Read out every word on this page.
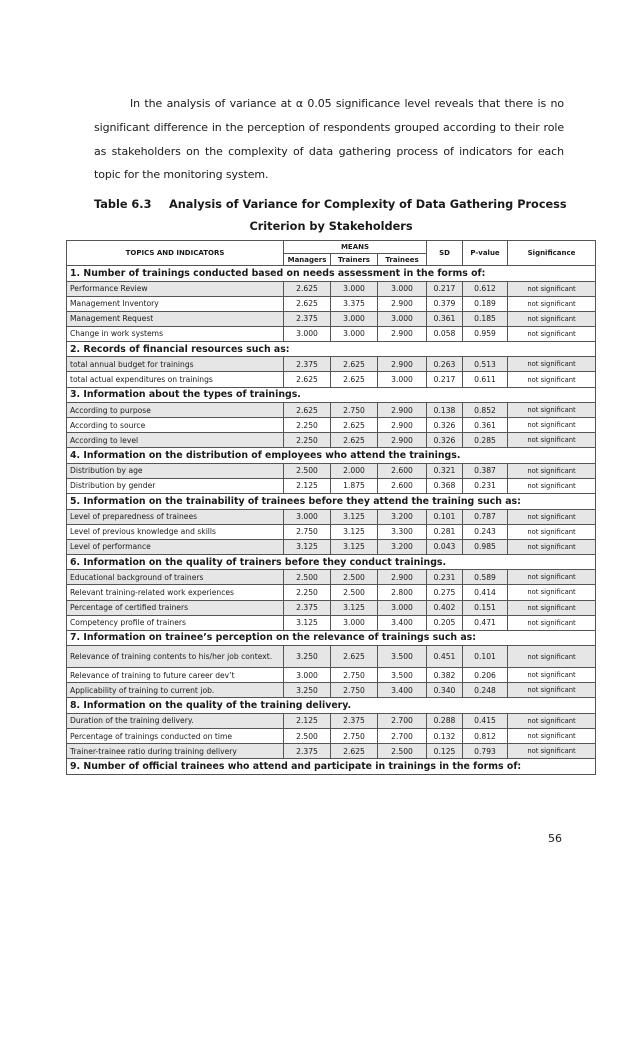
In the analysis of variance at α 0.05 significance level reveals that there is no significant difference in the perception of respondents grouped according to their role as stakeholders on the complexity of data gathering process of indicators for each topic for the monitoring system.
Table 6.3 Analysis of Variance for Complexity of Data Gathering Process
Criterion by Stakeholders
TOPICS AND INDICATORS	MEANS			SD	P-value	Significance
	Managers	Trainers	Trainees			
1. Number of trainings conducted based on needs assessment in the forms of:						
Performance Review	2.625	3.000	3.000	0.217	0.612	not significant
Management Inventory	2.625	3.375	2.900	0.379	0.189	not significant
Management Request	2.375	3.000	3.000	0.361	0.185	not significant
Change in work systems	3.000	3.000	2.900	0.058	0.959	not significant
2. Records of financial resources such as:						
total annual budget for trainings	2.375	2.625	2.900	0.263	0.513	not significant
total actual expenditures on trainings	2.625	2.625	3.000	0.217	0.611	not significant
3. Information about the types of trainings.						
According to purpose	2.625	2.750	2.900	0.138	0.852	not significant
According to source	2.250	2.625	2.900	0.326	0.361	not significant
According to level	2.250	2.625	2.900	0.326	0.285	not significant
4. Information on the distribution of employees who attend the trainings.						
Distribution by age	2.500	2.000	2.600	0.321	0.387	not significant
Distribution by gender	2.125	1.875	2.600	0.368	0.231	not significant
5. Information on the trainability of trainees before they attend the training such as:						
Level of preparedness of trainees	3.000	3.125	3.200	0.101	0.787	not significant
Level of previous knowledge and skills	2.750	3.125	3.300	0.281	0.243	not significant
Level of performance	3.125	3.125	3.200	0.043	0.985	not significant
6. Information on the quality of trainers before they conduct trainings.						
Educational background of trainers	2.500	2.500	2.900	0.231	0.589	not significant
Relevant training-related work experiences	2.250	2.500	2.800	0.275	0.414	not significant
Percentage of certified trainers	2.375	3.125	3.000	0.402	0.151	not significant
Competency profile of trainers	3.125	3.000	3.400	0.205	0.471	not significant
7. Information on trainee’s perception on the relevance of trainings such as:						
Relevance of training contents to his/her job context.	3.250	2.625	3.500	0.451	0.101	not significant
Relevance of training to future career dev’t	3.000	2.750	3.500	0.382	0.206	not significant
Applicability of training to current job.	3.250	2.750	3.400	0.340	0.248	not significant
8. Information on the quality of the training delivery.						
Duration of the training delivery.	2.125	2.375	2.700	0.288	0.415	not significant
Percentage of trainings conducted on time	2.500	2.750	2.700	0.132	0.812	not significant
Trainer-trainee ratio during training delivery	2.375	2.625	2.500	0.125	0.793	not significant
9. Number of official trainees who attend and participate in trainings in the forms of:						
56
